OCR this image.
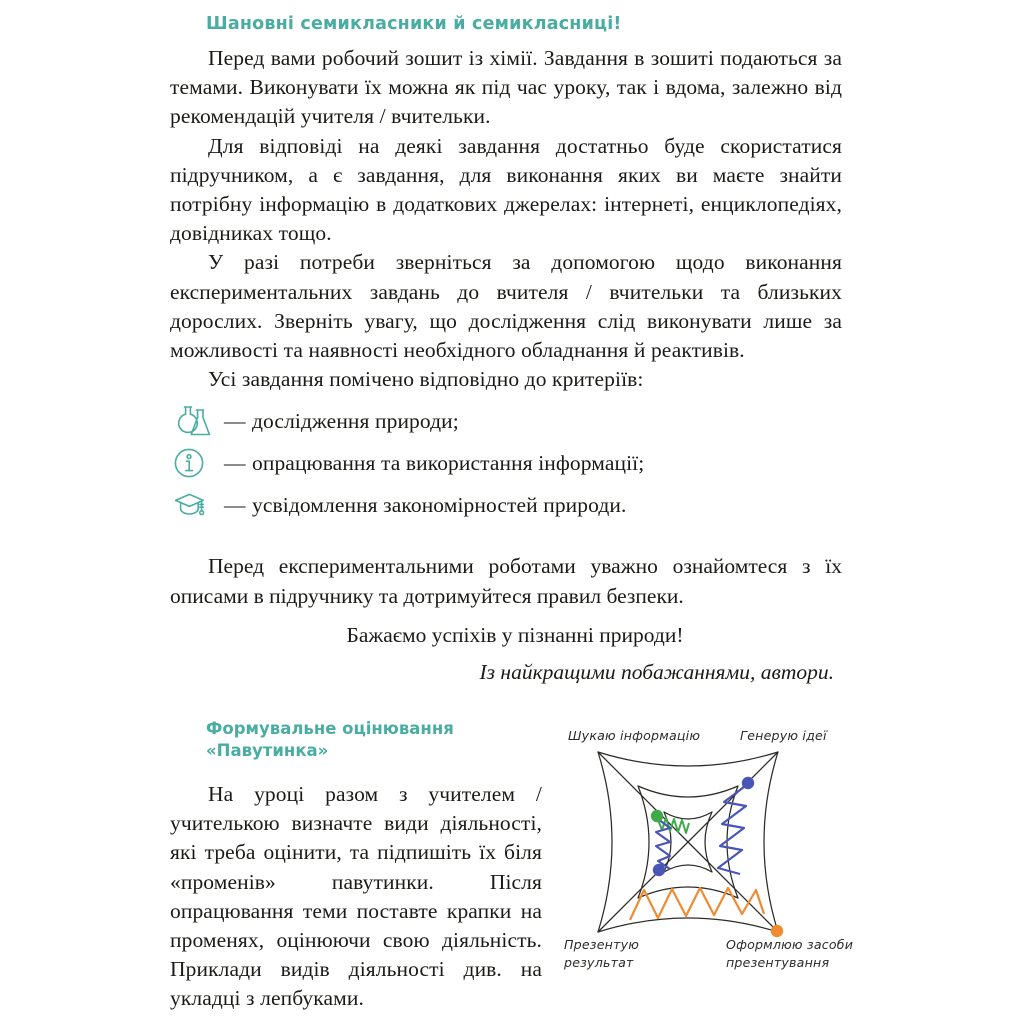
Шановні семикласники й семикласниці!

Перед вами робочий зошит із хімії. Завдання в зошиті подаються за темами. Виконувати їх можна як під час уроку, так і вдома, залежно від рекомендацій учителя / вчительки.

Для відповіді на деякі завдання достатньо буде скористатися підручником, а є завдання, для виконання яких ви маєте знайти потрібну інформацію в додаткових джерелах: інтернеті, енциклопедіях, довідниках тощо.

У разі потреби зверніться за допомогою щодо виконання експериментальних завдань до вчителя / вчительки та близьких дорослих. Зверніть увагу, що дослідження слід виконувати лише за можливості та наявності необхідного обладнання й реактивів.

Усі завдання помічено відповідно до критеріїв:

— дослідження природи;
— опрацювання та використання інформації;
— усвідомлення закономірностей природи.

Перед експериментальними роботами уважно ознайомтеся з їх описами в підручнику та дотримуйтеся правил безпеки.

Бажаємо успіхів у пізнанні природи!

Із найкращими побажаннями, автори.

Формувальне оцінювання
«Павутинка»

На уроці разом з учителем / учителькою визначте види діяльності, які треба оцінити, та підпишіть їх біля «променів» павутинки. Після опрацювання теми поставте крапки на променях, оцінюючи свою діяльність. Приклади видів діяльності див. на укладці з лепбуками.

Шукаю інформацію	Генерую ідеї
Презентую
результат
Оформлюю засоби
презентування
